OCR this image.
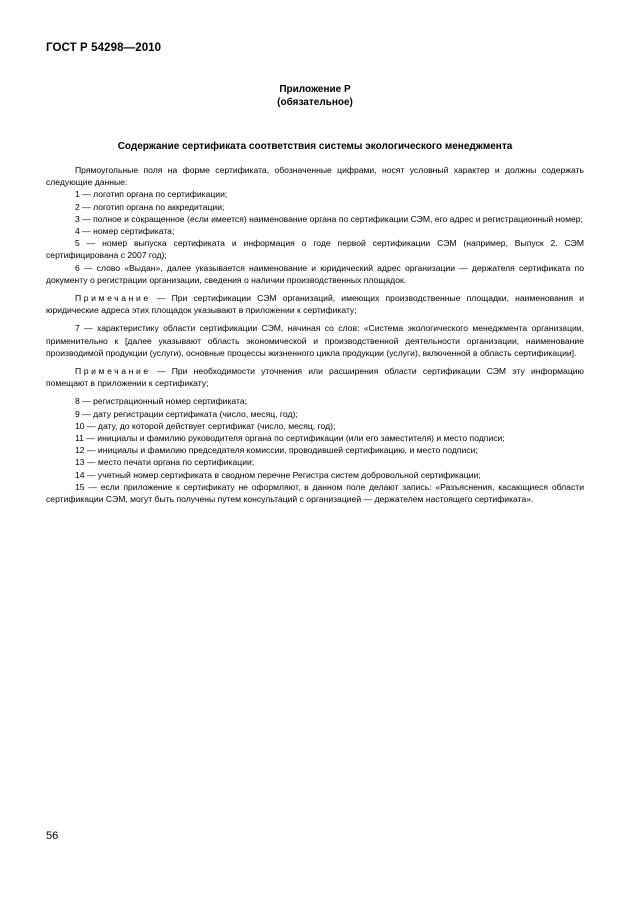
ГОСТ Р 54298—2010
Приложение Р
(обязательное)
Содержание сертификата соответствия системы экологического менеджмента

Прямоугольные поля на форме сертификата, обозначенные цифрами, носят условный характер и должны содержать следующие данные:

1 — логотип органа по сертификации;

2 — логотип органа по аккредитации;

3 — полное и сокращенное (если имеется) наименование органа по сертификации СЭМ, его адрес и регистрационный номер;

4 — номер сертификата;

5 — номер выпуска сертификата и информация о годе первой сертификации СЭМ (например, Выпуск 2. СЭМ сертифицирована с 2007 год);

6 — слово «Выдан», далее указывается наименование и юридический адрес организации — держателя сертификата по документу о регистрации организации, сведения о наличии производственных площадок.

Примечание — При сертификации СЭМ организаций, имеющих производственные площадки, наименования и юридические адреса этих площадок указывают в приложении к сертификату;

7 — характеристику области сертификации СЭМ, начиная со слов: «Система экологического менеджмента организации, применительно к [далее указывают область экономической и производственной деятельности организации, наименование производимой продукции (услуги), основные процессы жизненного цикла продукции (услуги), включенной в область сертификации].

Примечание — При необходимости уточнения или расширения области сертификации СЭМ эту информацию помещают в приложении к сертификату;

8 — регистрационный номер сертификата;

9 — дату регистрации сертификата (число, месяц, год);

10 — дату, до которой действует сертификат (число, месяц, год);

11 — инициалы и фамилию руководителя органа по сертификации (или его заместителя) и место подписи;

12 — инициалы и фамилию председателя комиссии, проводившей сертификацию, и место подписи;

13 — место печати органа по сертификации;

14 — учетный номер сертификата в сводном перечне Регистра систем добровольной сертификации;

15 — если приложение к сертификату не оформляют, в данном поле делают запись: «Разъяснения, касающиеся области сертификации СЭМ, могут быть получены путем консультаций с организацией — держателем настоящего сертификата».

56
